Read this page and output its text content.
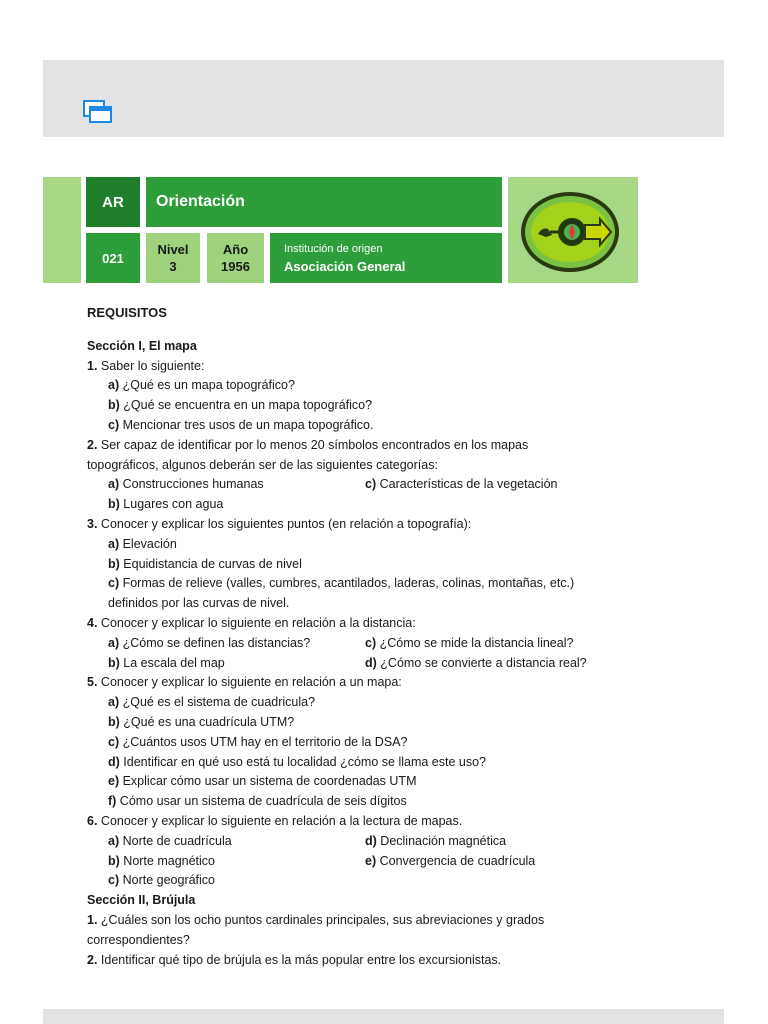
AR	Orientación
021
Nivel
3
Año
1956
Institución de origen
Asociación General

REQUISITOS

Sección I, El mapa

1. Saber lo siguiente:

a) ¿Qué es un mapa topográfico?

b) ¿Qué se encuentra en un mapa topográfico?

c) Mencionar tres usos de un mapa topográfico.

2. Ser capaz de identificar por lo menos 20 símbolos encontrados en los mapas

topográficos, algunos deberán ser de las siguientes categorías:

a) Construcciones humanas	c) Características de la vegetación

b) Lugares con agua

3. Conocer y explicar los siguientes puntos (en relación a topografía):

a) Elevación

b) Equidistancia de curvas de nivel

c) Formas de relieve (valles, cumbres, acantilados, laderas, colinas, montañas, etc.)

definidos por las curvas de nivel.

4. Conocer y explicar lo siguiente en relación a la distancia:

a) ¿Cómo se definen las distancias?	c) ¿Cómo se mide la distancia lineal?

b) La escala del map	d) ¿Cómo se convierte a distancia real?

5. Conocer y explicar lo siguiente en relación a un mapa:

a) ¿Qué es el sistema de cuadricula?

b) ¿Qué es una cuadrícula UTM?

c) ¿Cuántos usos UTM hay en el territorio de la DSA?

d) Identificar en qué uso está tu localidad ¿cómo se llama este uso?

e) Explicar cómo usar un sistema de coordenadas UTM

f) Cómo usar un sistema de cuadrícula de seis dígitos

6. Conocer y explicar lo siguiente en relación a la lectura de mapas.

a) Norte de cuadrícula	d) Declinación magnética

b) Norte magnético	e) Convergencia de cuadrícula

c) Norte geográfico

Sección II, Brújula

1. ¿Cuáles son los ocho puntos cardinales principales, sus abreviaciones y grados

correspondientes?

2. Identificar qué tipo de brújula es la más popular entre los excursionistas.
